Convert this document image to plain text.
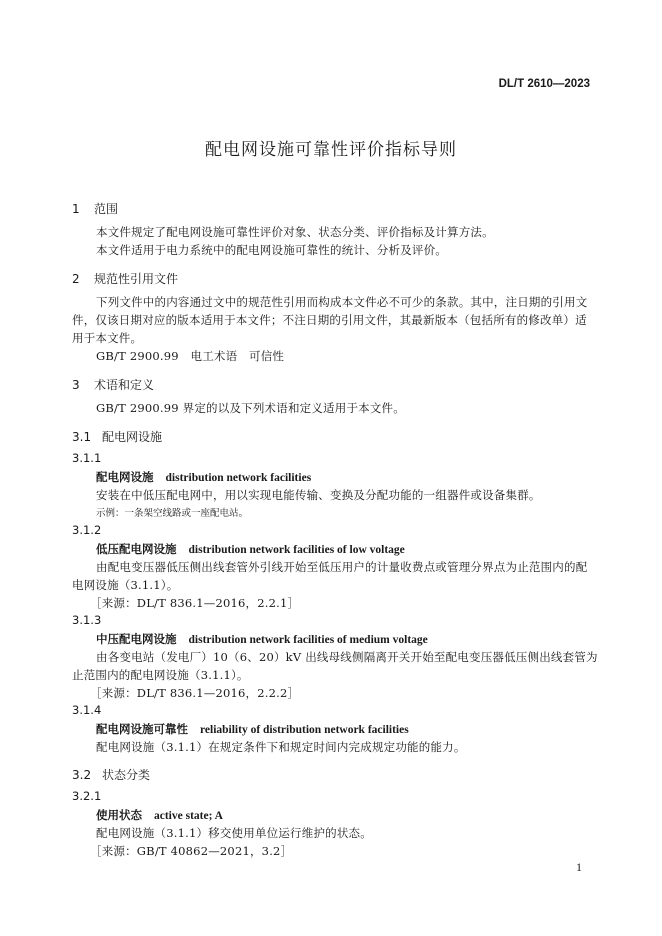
DL/T 2610—2023
配电网设施可靠性评价指标导则
1 范围
本文件规定了配电网设施可靠性评价对象、状态分类、评价指标及计算方法。
本文件适用于电力系统中的配电网设施可靠性的统计、分析及评价。
2 规范性引用文件
下列文件中的内容通过文中的规范性引用而构成本文件必不可少的条款。其中，注日期的引用文
件，仅该日期对应的版本适用于本文件；不注日期的引用文件，其最新版本（包括所有的修改单）适
用于本文件。
GB/T 2900.99　电工术语　可信性
3 术语和定义
GB/T 2900.99 界定的以及下列术语和定义适用于本文件。
3.1 配电网设施
3.1.1
配电网设施 distribution network facilities
安装在中低压配电网中，用以实现电能传输、变换及分配功能的一组器件或设备集群。
示例：一条架空线路或一座配电站。
3.1.2
低压配电网设施 distribution network facilities of low voltage
由配电变压器低压侧出线套管外引线开始至低压用户的计量收费点或管理分界点为止范围内的配
电网设施（3.1.1）。
［来源：DL/T 836.1—2016，2.2.1］
3.1.3
中压配电网设施 distribution network facilities of medium voltage
由各变电站（发电厂）10（6、20）kV 出线母线侧隔离开关开始至配电变压器低压侧出线套管为
止范围内的配电网设施（3.1.1）。
［来源：DL/T 836.1—2016，2.2.2］
3.1.4
配电网设施可靠性 reliability of distribution network facilities
配电网设施（3.1.1）在规定条件下和规定时间内完成规定功能的能力。
3.2 状态分类
3.2.1
使用状态 active state; A
配电网设施（3.1.1）移交使用单位运行维护的状态。
［来源：GB/T 40862—2021，3.2］
1
